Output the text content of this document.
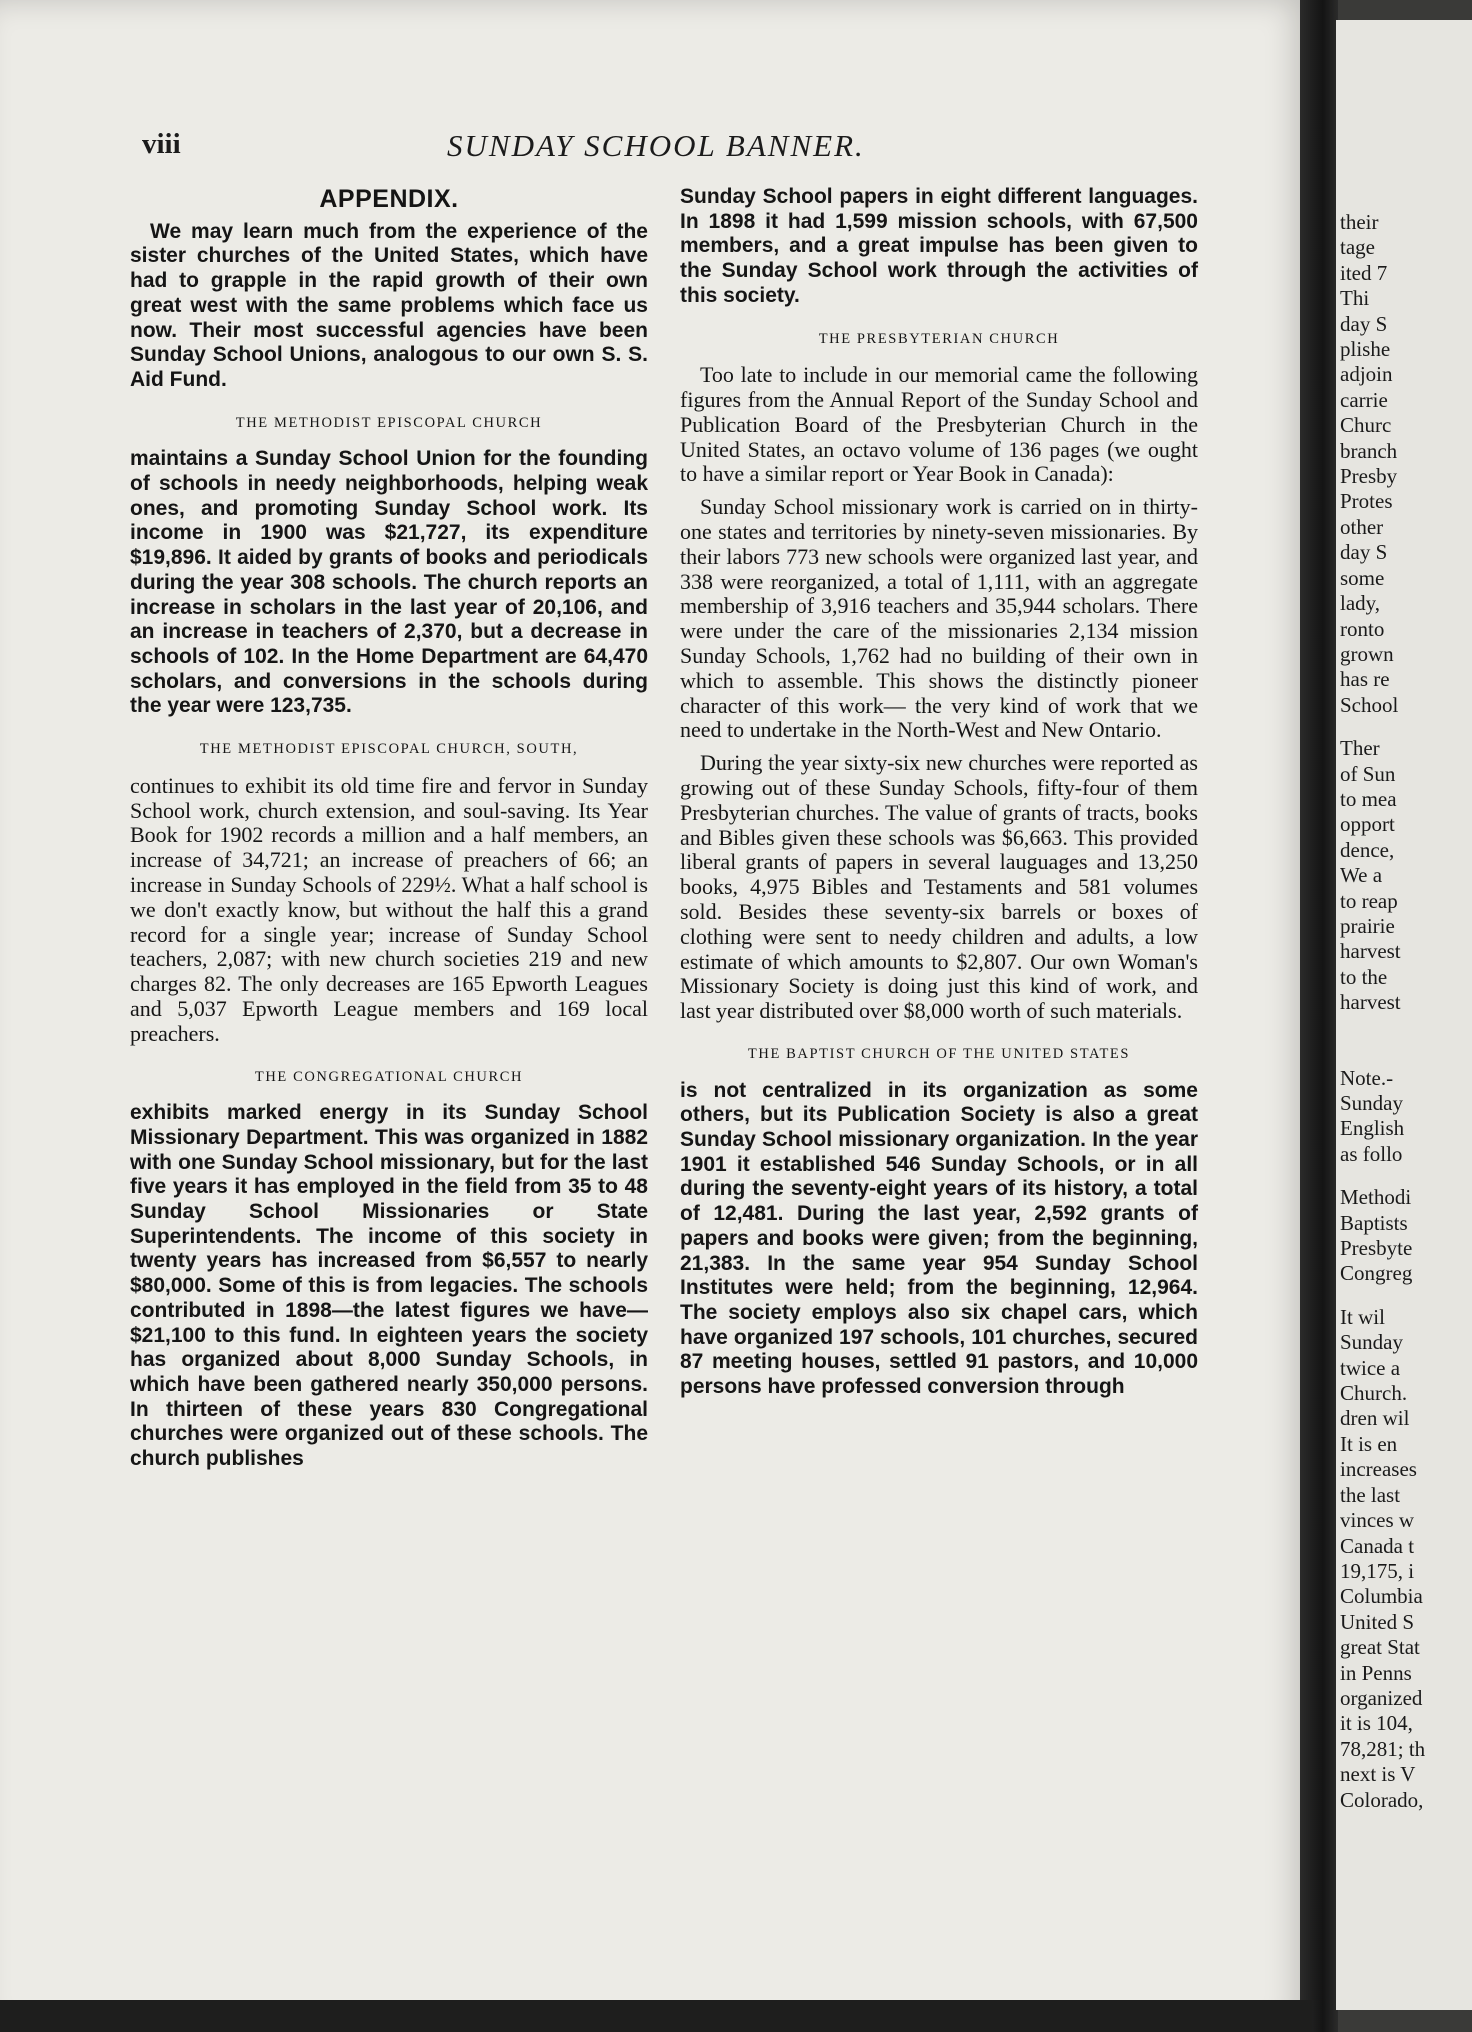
viii	SUNDAY SCHOOL BANNER.
APPENDIX.

We may learn much from the experience of the sister churches of the United States, which have had to grapple in the rapid growth of their own great west with the same problems which face us now. Their most successful agencies have been Sunday School Unions, analogous to our own S. S. Aid Fund.

THE METHODIST EPISCOPAL CHURCH

maintains a Sunday School Union for the founding of schools in needy neighborhoods, helping weak ones, and promoting Sunday School work. Its income in 1900 was $21,727, its expenditure $19,896. It aided by grants of books and periodicals during the year 308 schools. The church reports an increase in scholars in the last year of 20,106, and an increase in teachers of 2,370, but a decrease in schools of 102. In the Home Department are 64,470 scholars, and conversions in the schools during the year were 123,735.

THE METHODIST EPISCOPAL CHURCH, SOUTH,

continues to exhibit its old time fire and fervor in Sunday School work, church extension, and soul-saving. Its Year Book for 1902 records a million and a half members, an increase of 34,721; an increase of preachers of 66; an increase in Sunday Schools of 229½. What a half school is we don't exactly know, but without the half this a grand record for a single year; increase of Sunday School teachers, 2,087; with new church societies 219 and new charges 82. The only decreases are 165 Epworth Leagues and 5,037 Epworth League members and 169 local preachers.

THE CONGREGATIONAL CHURCH

exhibits marked energy in its Sunday School Missionary Department. This was organized in 1882 with one Sunday School missionary, but for the last five years it has employed in the field from 35 to 48 Sunday School Missionaries or State Superintendents. The income of this society in twenty years has increased from $6,557 to nearly $80,000. Some of this is from legacies. The schools contributed in 1898—the latest figures we have—$21,100 to this fund. In eighteen years the society has organized about 8,000 Sunday Schools, in which have been gathered nearly 350,000 persons. In thirteen of these years 830 Congregational churches were organized out of these schools. The church publishes

Sunday School papers in eight different languages. In 1898 it had 1,599 mission schools, with 67,500 members, and a great impulse has been given to the Sunday School work through the activities of this society.

THE PRESBYTERIAN CHURCH

Too late to include in our memorial came the following figures from the Annual Report of the Sunday School and Publication Board of the Presbyterian Church in the United States, an octavo volume of 136 pages (we ought to have a similar report or Year Book in Canada):

Sunday School missionary work is carried on in thirty-one states and territories by ninety-seven missionaries. By their labors 773 new schools were organized last year, and 338 were reorganized, a total of 1,111, with an aggregate membership of 3,916 teachers and 35,944 scholars. There were under the care of the missionaries 2,134 mission Sunday Schools, 1,762 had no building of their own in which to assemble. This shows the distinctly pioneer character of this work— the very kind of work that we need to undertake in the North-West and New Ontario.

During the year sixty-six new churches were reported as growing out of these Sunday Schools, fifty-four of them Presbyterian churches. The value of grants of tracts, books and Bibles given these schools was $6,663. This provided liberal grants of papers in several lauguages and 13,250 books, 4,975 Bibles and Testaments and 581 volumes sold. Besides these seventy-six barrels or boxes of clothing were sent to needy children and adults, a low estimate of which amounts to $2,807. Our own Woman's Missionary Society is doing just this kind of work, and last year distributed over $8,000 worth of such materials.

THE BAPTIST CHURCH OF THE UNITED STATES

is not centralized in its organization as some others, but its Publication Society is also a great Sunday School missionary organization. In the year 1901 it established 546 Sunday Schools, or in all during the seventy-eight years of its history, a total of 12,481. During the last year, 2,592 grants of papers and books were given; from the beginning, 21,383. In the same year 954 Sunday School Institutes were held; from the beginning, 12,964. The society employs also six chapel cars, which have organized 197 schools, 101 churches, secured 87 meeting houses, settled 91 pastors, and 10,000 persons have professed conversion through

their
tage
ited 7
Thi
day S
plishe
adjoin
carrie
Churc
branch
Presby
Protes
other
day S
some
lady,
ronto
grown
has re
School
Ther
of Sun
to mea
opport
dence,
We a
to reap
prairie
harvest
to the
harvest
Note.-
Sunday
English
as follo
Methodi
Baptists
Presbyte
Congreg
It wil
Sunday
twice a
Church.
dren wil
It is en
increases
the last
vinces w
Canada t
19,175, i
Columbia
United S
great Stat
in Penns
organized
it is 104,
78,281; th
next is V
Colorado,
